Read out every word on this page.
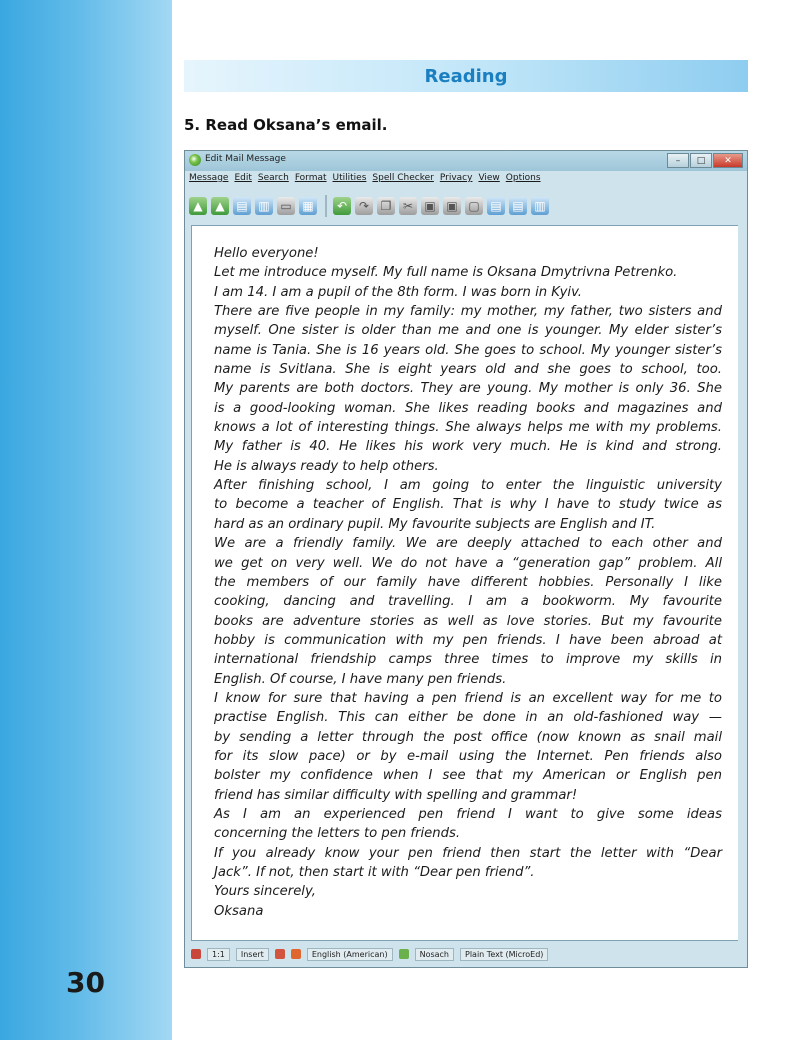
30
Reading
5. Read Oksana’s email.
Edit Mail Message	–	□	✕
Message Edit Search Format Utilities Spell Checker Privacy View Options
▲	▲ ▤ ▥ ▭ ▦	↶ ↷ ❐ ✂ ▣ ▣ ▢ ▤ ▤ ▥
Hello everyone!
Let me introduce myself. My full name is Oksana Dmytrivna Petrenko.
I am 14. I am a pupil of the 8th form. I was born in Kyiv.
There are five people in my family: my mother, my father, two sisters and
myself. One sister is older than me and one is younger. My elder sister’s
name is Tania. She is 16 years old. She goes to school. My younger sister’s
name is Svitlana. She is eight years old and she goes to school, too.
My parents are both doctors. They are young. My mother is only 36. She
is a good-looking woman. She likes reading books and magazines and
knows a lot of interesting things. She always helps me with my problems.
My father is 40. He likes his work very much. He is kind and strong.
He is always ready to help others.
After finishing school, I am going to enter the linguistic university
to become a teacher of English. That is why I have to study twice as
hard as an ordinary pupil. My favourite subjects are English and IT.
We are a friendly family. We are deeply attached to each other and
we get on very well. We do not have a “generation gap” problem. All
the members of our family have different hobbies. Personally I like
cooking, dancing and travelling. I am a bookworm. My favourite
books are adventure stories as well as love stories. But my favourite
hobby is communication with my pen friends. I have been abroad at
international friendship camps three times to improve my skills in
English. Of course, I have many pen friends.
I know for sure that having a pen friend is an excellent way for me to
practise English. This can either be done in an old-fashioned way —
by sending a letter through the post office (now known as snail mail
for its slow pace) or by e-mail using the Internet. Pen friends also
bolster my confidence when I see that my American or English pen
friend has similar difficulty with spelling and grammar!
As I am an experienced pen friend I want to give some ideas
concerning the letters to pen friends.
If you already know your pen friend then start the letter with “Dear
Jack”. If not, then start it with “Dear pen friend”.
Yours sincerely,
Oksana
1:1	Insert	English (American)	Nosach	Plain Text (MicroEd)
